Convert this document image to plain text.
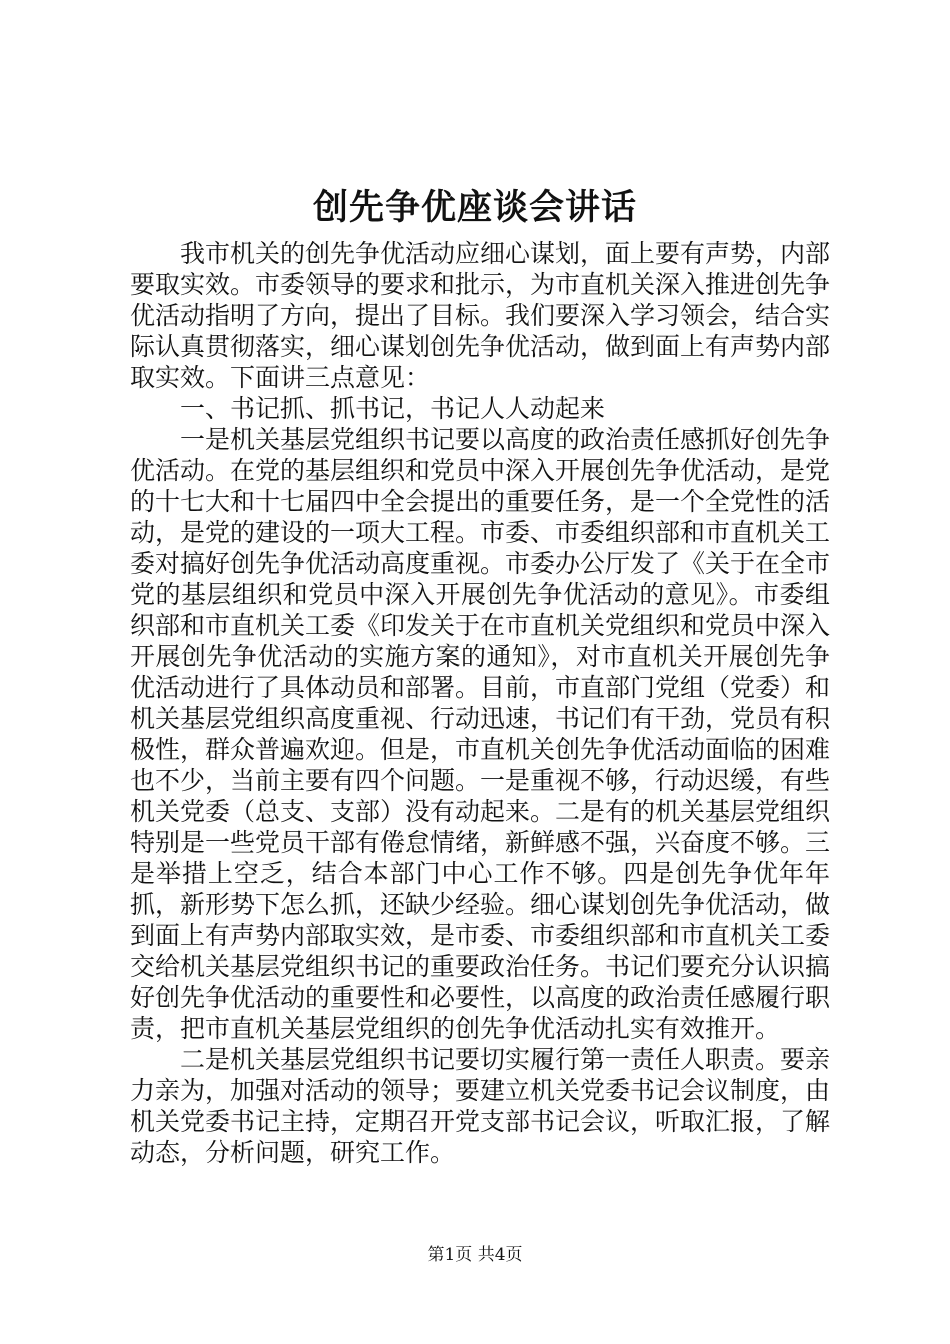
创先争优座谈会讲话

我市机关的创先争优活动应细心谋划，面上要有声势，内部要取实效。市委领导的要求和批示，为市直机关深入推进创先争优活动指明了方向，提出了目标。我们要深入学习领会，结合实际认真贯彻落实，细心谋划创先争优活动，做到面上有声势内部取实效。下面讲三点意见：

一、书记抓、抓书记，书记人人动起来

一是机关基层党组织书记要以高度的政治责任感抓好创先争优活动。在党的基层组织和党员中深入开展创先争优活动，是党的十七大和十七届四中全会提出的重要任务，是一个全党性的活动，是党的建设的一项大工程。市委、市委组织部和市直机关工委对搞好创先争优活动高度重视。市委办公厅发了《关于在全市党的基层组织和党员中深入开展创先争优活动的意见》。市委组织部和市直机关工委《印发关于在市直机关党组织和党员中深入开展创先争优活动的实施方案的通知》，对市直机关开展创先争优活动进行了具体动员和部署。目前，市直部门党组（党委）和机关基层党组织高度重视、行动迅速，书记们有干劲，党员有积极性，群众普遍欢迎。但是，市直机关创先争优活动面临的困难也不少，当前主要有四个问题。一是重视不够，行动迟缓，有些机关党委（总支、支部）没有动起来。二是有的机关基层党组织特别是一些党员干部有倦怠情绪，新鲜感不强，兴奋度不够。三是举措上空乏，结合本部门中心工作不够。四是创先争优年年抓，新形势下怎么抓，还缺少经验。细心谋划创先争优活动，做到面上有声势内部取实效，是市委、市委组织部和市直机关工委交给机关基层党组织书记的重要政治任务。书记们要充分认识搞好创先争优活动的重要性和必要性，以高度的政治责任感履行职责，把市直机关基层党组织的创先争优活动扎实有效推开。

二是机关基层党组织书记要切实履行第一责任人职责。要亲力亲为，加强对活动的领导；要建立机关党委书记会议制度，由机关党委书记主持，定期召开党支部书记会议，听取汇报，了解动态，分析问题，研究工作。

第1页 共4页
